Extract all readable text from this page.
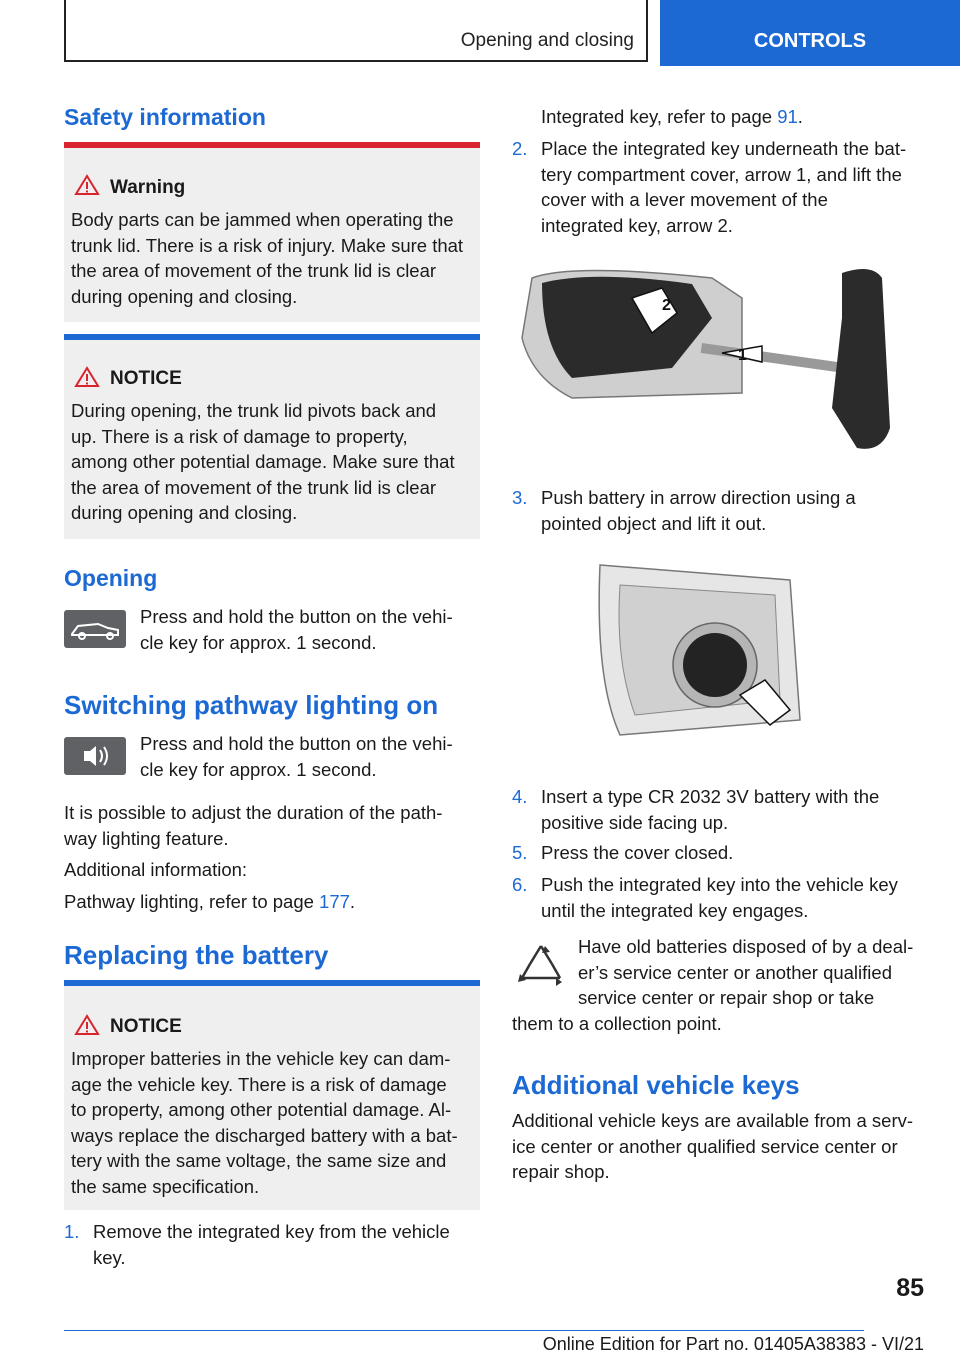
Opening and closing	CONTROLS
Safety information
Warning
Body parts can be jammed when operating the
trunk lid. There is a risk of injury. Make sure that
the area of movement of the trunk lid is clear
during opening and closing.
NOTICE
During opening, the trunk lid pivots back and
up. There is a risk of damage to property,
among other potential damage. Make sure that
the area of movement of the trunk lid is clear
during opening and closing.
Opening
Press and hold the button on the vehi-
cle key for approx. 1 second.
Switching pathway lighting on
Press and hold the button on the vehi-
cle key for approx. 1 second.
It is possible to adjust the duration of the path-
way lighting feature.
Additional information:
Pathway lighting, refer to page 177.
Replacing the battery
NOTICE
Improper batteries in the vehicle key can dam-
age the vehicle key. There is a risk of damage
to property, among other potential damage. Al-
ways replace the discharged battery with a bat-
tery with the same voltage, the same size and
the same specification.
1. Remove the integrated key from the vehicle
key.
Integrated key, refer to page 91.
2. Place the integrated key underneath the bat-
tery compartment cover, arrow 1, and lift the
cover with a lever movement of the
integrated key, arrow 2.
2
1
3. Push battery in arrow direction using a
pointed object and lift it out.
4. Insert a type CR 2032 3V battery with the
positive side facing up.
5. Press the cover closed.
6. Push the integrated key into the vehicle key
until the integrated key engages.
Have old batteries disposed of by a deal-
er’s service center or another qualified
service center or repair shop or take
them to a collection point.
Additional vehicle keys
Additional vehicle keys are available from a serv-
ice center or another qualified service center or
repair shop.
85
Online Edition for Part no. 01405A38383 - VI/21
